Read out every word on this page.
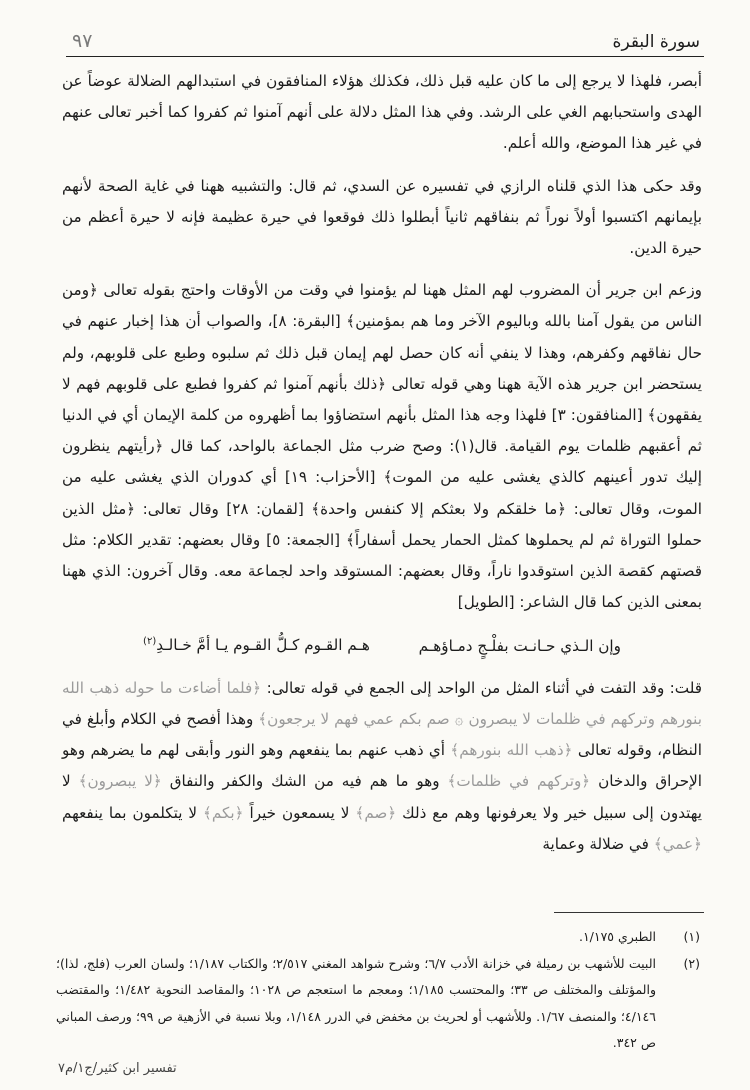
سورة البقرة
٩٧

أبصر، فلهذا لا يرجع إلى ما كان عليه قبل ذلك، فكذلك هؤلاء المنافقون في استبدالهم الضلالة عوضاً عن الهدى واستحبابهم الغي على الرشد. وفي هذا المثل دلالة على أنهم آمنوا ثم كفروا كما أخبر تعالى عنهم في غير هذا الموضع، والله أعلم.

وقد حكى هذا الذي قلناه الرازي في تفسيره عن السدي، ثم قال: والتشبيه ههنا في غاية الصحة لأنهم بإيمانهم اكتسبوا أولاً نوراً ثم بنفاقهم ثانياً أبطلوا ذلك فوقعوا في حيرة عظيمة فإنه لا حيرة أعظم من حيرة الدين.

وزعم ابن جرير أن المضروب لهم المثل ههنا لم يؤمنوا في وقت من الأوقات واحتج بقوله تعالى ﴿ومن الناس من يقول آمنا بالله وباليوم الآخر وما هم بمؤمنين﴾ [البقرة: ٨]، والصواب أن هذا إخبار عنهم في حال نفاقهم وكفرهم، وهذا لا ينفي أنه كان حصل لهم إيمان قبل ذلك ثم سلبوه وطبع على قلوبهم، ولم يستحضر ابن جرير هذه الآية ههنا وهي قوله تعالى ﴿ذلك بأنهم آمنوا ثم كفروا فطبع على قلوبهم فهم لا يفقهون﴾ [المنافقون: ٣] فلهذا وجه هذا المثل بأنهم استضاؤوا بما أظهروه من كلمة الإيمان أي في الدنيا ثم أعقبهم ظلمات يوم القيامة. قال(١): وصح ضرب مثل الجماعة بالواحد، كما قال ﴿رأيتهم ينظرون إليك تدور أعينهم كالذي يغشى عليه من الموت﴾ [الأحزاب: ١٩] أي كدوران الذي يغشى عليه من الموت، وقال تعالى: ﴿ما خلقكم ولا بعثكم إلا كنفس واحدة﴾ [لقمان: ٢٨] وقال تعالى: ﴿مثل الذين حملوا التوراة ثم لم يحملوها كمثل الحمار يحمل أسفاراً﴾ [الجمعة: ٥] وقال بعضهم: تقدير الكلام: مثل قصتهم كقصة الذين استوقدوا ناراً، وقال بعضهم: المستوقد واحد لجماعة معه. وقال آخرون: الذي ههنا بمعنى الذين كما قال الشاعر: [الطويل]

وإن الـذي حـانـت بفلْـجٍ دمـاؤهـم هـم القـوم كـلُّ القـوم يـا أمَّ خـالـدِ$^{(٢)}$

قلت: وقد التفت في أثناء المثل من الواحد إلى الجمع في قوله تعالى: ﴿فلما أضاءت ما حوله ذهب الله بنورهم وتركهم في ظلمات لا يبصرون ۞ صم بكم عمي فهم لا يرجعون﴾ وهذا أفصح في الكلام وأبلغ في النظام، وقوله تعالى ﴿ذهب الله بنورهم﴾ أي ذهب عنهم بما ينفعهم وهو النور وأبقى لهم ما يضرهم وهو الإحراق والدخان ﴿وتركهم في ظلمات﴾ وهو ما هم فيه من الشك والكفر والنفاق ﴿لا يبصرون﴾ لا يهتدون إلى سبيل خير ولا يعرفونها وهم مع ذلك ﴿صم﴾ لا يسمعون خيراً ﴿بكم﴾ لا يتكلمون بما ينفعهم ﴿عمي﴾ في ضلالة وعماية

(١)
الطبري ١/١٧٥.

(٢)
البيت للأشهب بن رميلة في خزانة الأدب ٦/٧؛ وشرح شواهد المغني ٢/٥١٧؛ والكتاب ١/١٨٧؛ ولسان العرب (فلج، لذا)؛ والمؤتلف والمختلف ص ٣٣؛ والمحتسب ١/١٨٥؛ ومعجم ما استعجم ص ١٠٢٨؛ والمقاصد النحوية ١/٤٨٢؛ والمقتضب ٤/١٤٦؛ والمنصف ١/٦٧. وللأشهب أو لحريث بن مخفض في الدرر ١/١٤٨، وبلا نسبة في الأزهية ص ٩٩؛ ورصف المباني ص ٣٤٢.

تفسير ابن كثير/ج١/م٧
